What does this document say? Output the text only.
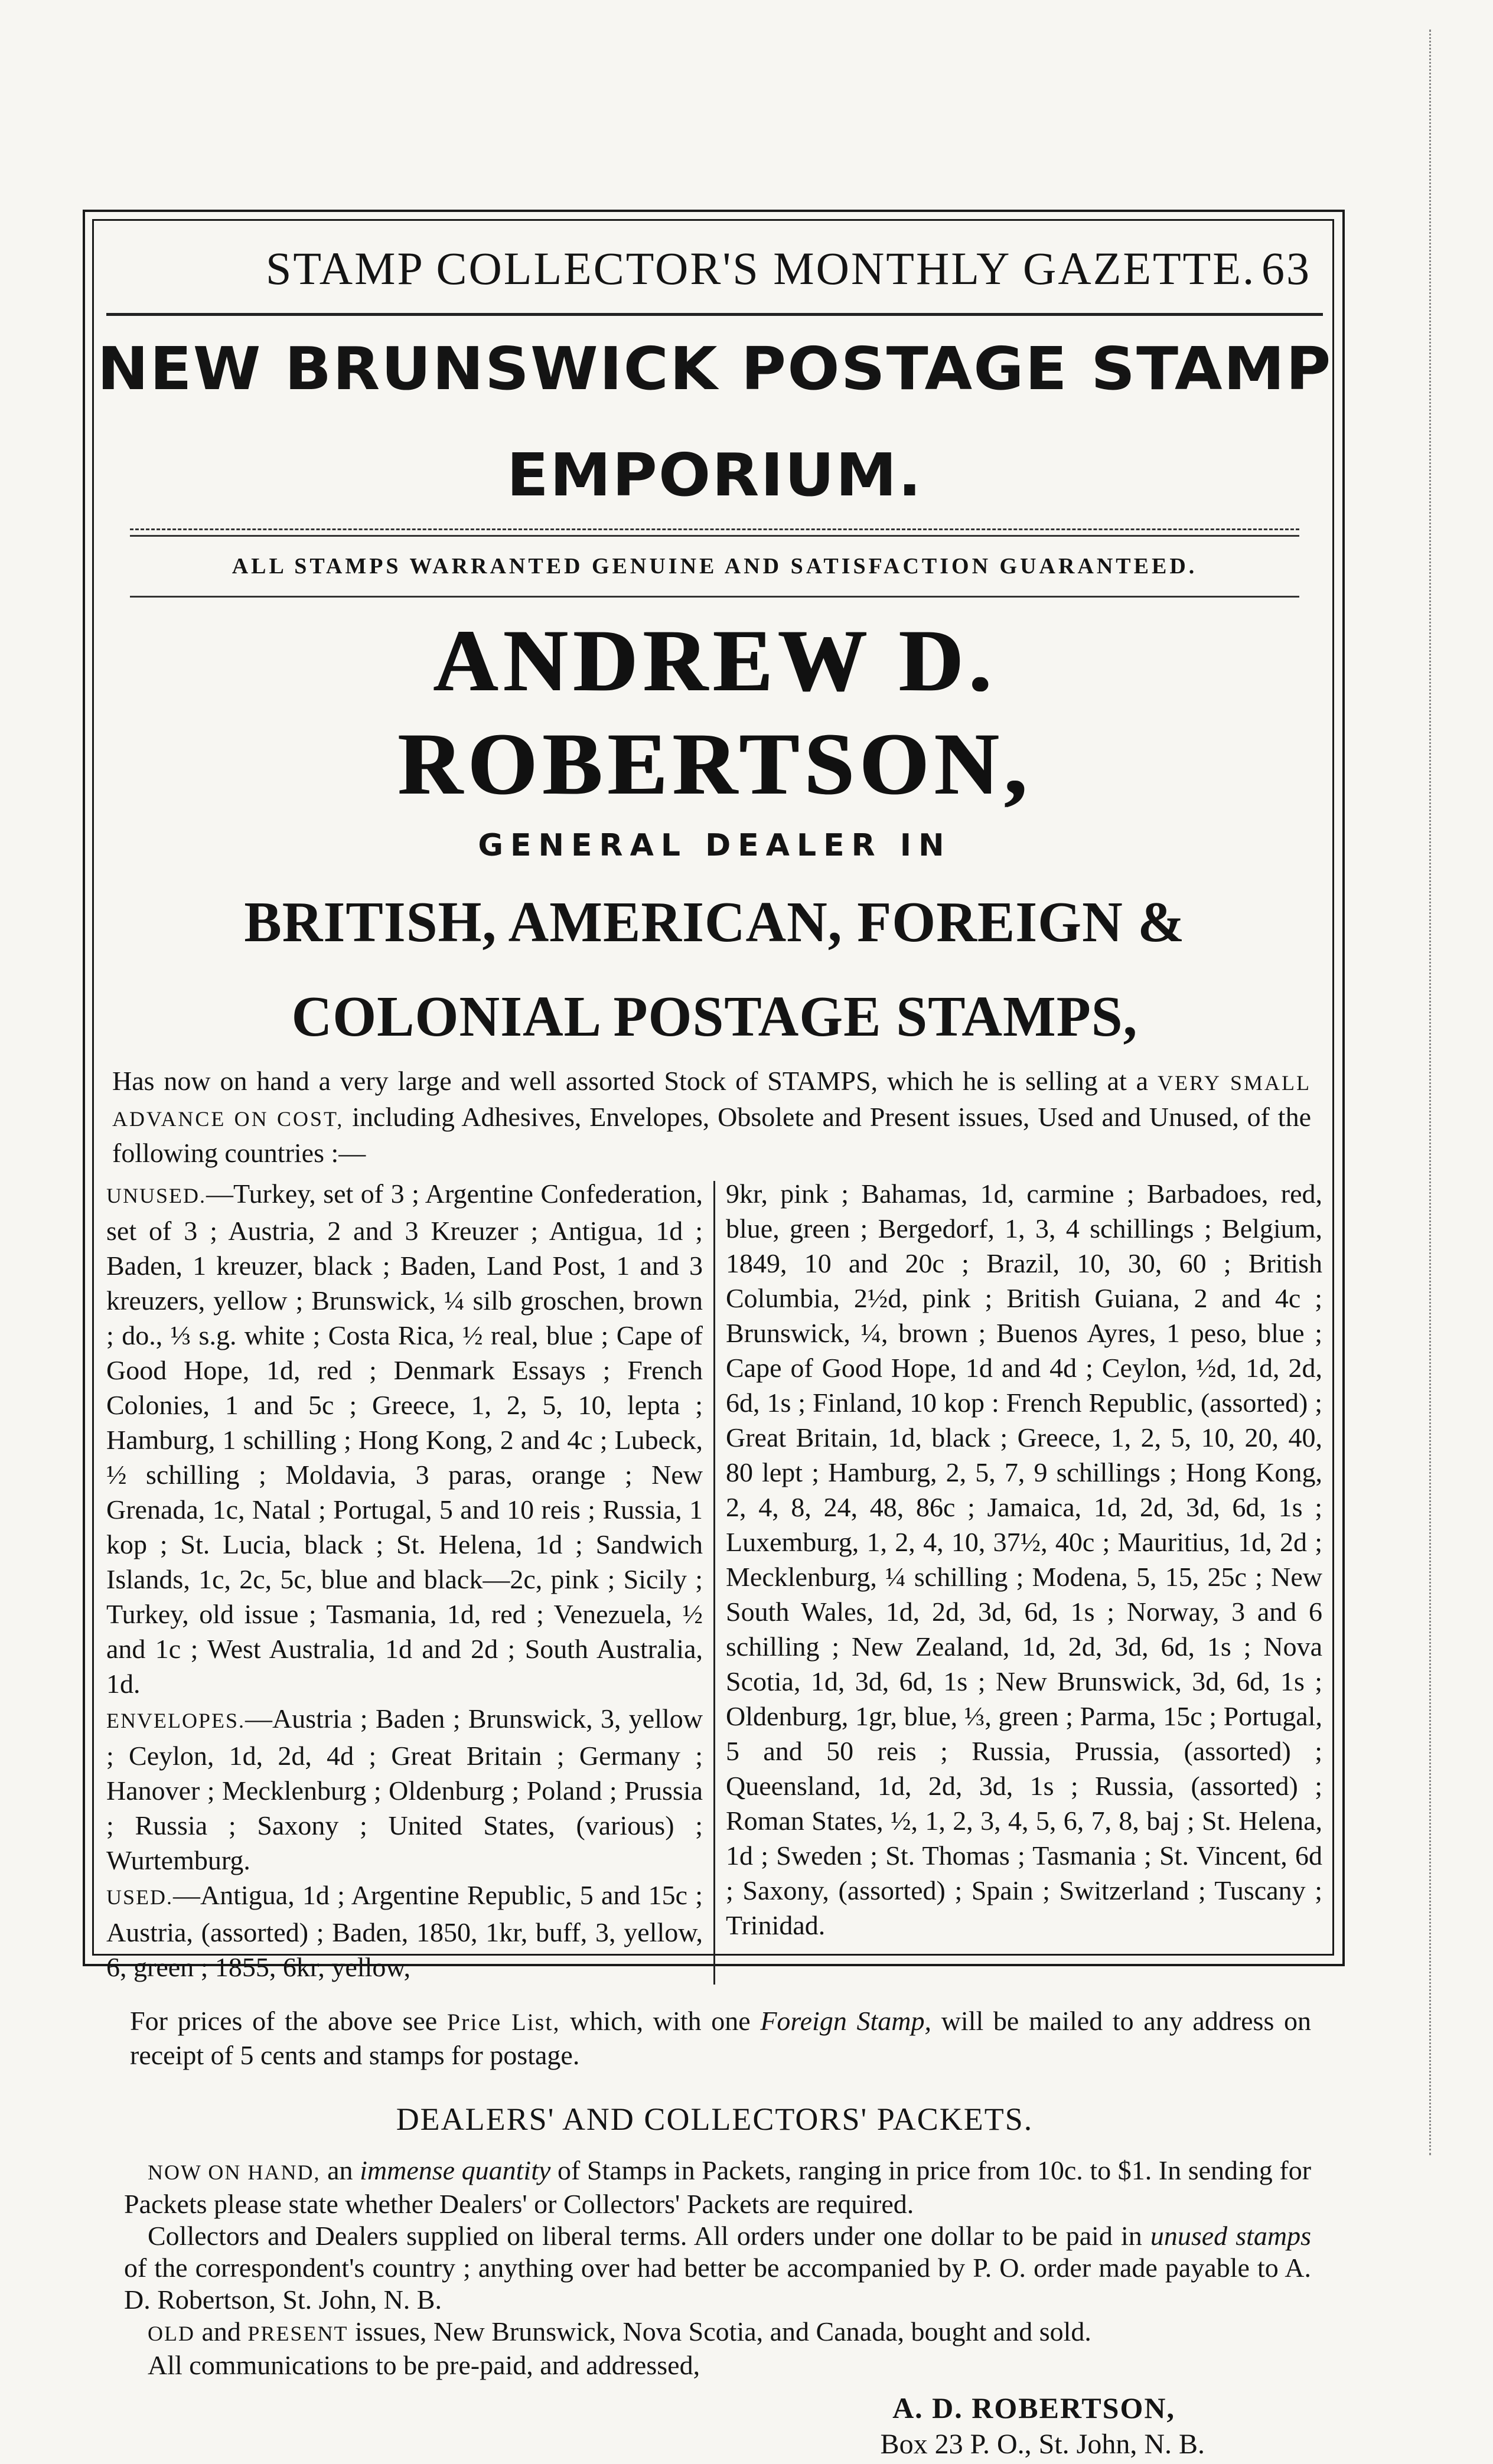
STAMP COLLECTOR'S MONTHLY GAZETTE. 63
NEW BRUNSWICK POSTAGE STAMP EMPORIUM.
ALL STAMPS WARRANTED GENUINE AND SATISFACTION GUARANTEED.
ANDREW D. ROBERTSON,
GENERAL DEALER IN
BRITISH, AMERICAN, FOREIGN & COLONIAL POSTAGE STAMPS,
Has now on hand a very large and well assorted Stock of STAMPS, which he is selling at a VERY SMALL ADVANCE ON COST, including Adhesives, Envelopes, Obsolete and Present issues, Used and Unused, of the following countries :—

UNUSED.—Turkey, set of 3 ; Argentine Confederation, set of 3 ; Austria, 2 and 3 Kreuzer ; Antigua, 1d ; Baden, 1 kreuzer, black ; Baden, Land Post, 1 and 3 kreuzers, yellow ; Brunswick, ¼ silb groschen, brown ; do., ⅓ s.g. white ; Costa Rica, ½ real, blue ; Cape of Good Hope, 1d, red ; Denmark Essays ; French Colonies, 1 and 5c ; Greece, 1, 2, 5, 10, lepta ; Hamburg, 1 schilling ; Hong Kong, 2 and 4c ; Lubeck, ½ schilling ; Moldavia, 3 paras, orange ; New Grenada, 1c, Natal ; Portugal, 5 and 10 reis ; Russia, 1 kop ; St. Lucia, black ; St. Helena, 1d ; Sandwich Islands, 1c, 2c, 5c, blue and black—2c, pink ; Sicily ; Turkey, old issue ; Tasmania, 1d, red ; Venezuela, ½ and 1c ; West Australia, 1d and 2d ; South Australia, 1d.

ENVELOPES.—Austria ; Baden ; Brunswick, 3, yellow ; Ceylon, 1d, 2d, 4d ; Great Britain ; Germany ; Hanover ; Mecklenburg ; Oldenburg ; Poland ; Prussia ; Russia ; Saxony ; United States, (various) ; Wurtemburg.

USED.—Antigua, 1d ; Argentine Republic, 5 and 15c ; Austria, (assorted) ; Baden, 1850, 1kr, buff, 3, yellow, 6, green ; 1855, 6kr, yellow,

9kr, pink ; Bahamas, 1d, carmine ; Barbadoes, red, blue, green ; Bergedorf, 1, 3, 4 schillings ; Belgium, 1849, 10 and 20c ; Brazil, 10, 30, 60 ; British Columbia, 2½d, pink ; British Guiana, 2 and 4c ; Brunswick, ¼, brown ; Buenos Ayres, 1 peso, blue ; Cape of Good Hope, 1d and 4d ; Ceylon, ½d, 1d, 2d, 6d, 1s ; Finland, 10 kop : French Republic, (assorted) ; Great Britain, 1d, black ; Greece, 1, 2, 5, 10, 20, 40, 80 lept ; Hamburg, 2, 5, 7, 9 schillings ; Hong Kong, 2, 4, 8, 24, 48, 86c ; Jamaica, 1d, 2d, 3d, 6d, 1s ; Luxemburg, 1, 2, 4, 10, 37½, 40c ; Mauritius, 1d, 2d ; Mecklenburg, ¼ schilling ; Modena, 5, 15, 25c ; New South Wales, 1d, 2d, 3d, 6d, 1s ; Norway, 3 and 6 schilling ; New Zealand, 1d, 2d, 3d, 6d, 1s ; Nova Scotia, 1d, 3d, 6d, 1s ; New Brunswick, 3d, 6d, 1s ; Oldenburg, 1gr, blue, ⅓, green ; Parma, 15c ; Portugal, 5 and 50 reis ; Russia, Prussia, (assorted) ; Queensland, 1d, 2d, 3d, 1s ; Russia, (assorted) ; Roman States, ½, 1, 2, 3, 4, 5, 6, 7, 8, baj ; St. Helena, 1d ; Sweden ; St. Thomas ; Tasmania ; St. Vincent, 6d ; Saxony, (assorted) ; Spain ; Switzerland ; Tuscany ; Trinidad.

For prices of the above see Price List, which, with one Foreign Stamp, will be mailed to any address on receipt of 5 cents and stamps for postage.
DEALERS' AND COLLECTORS' PACKETS.

NOW ON HAND, an immense quantity of Stamps in Packets, ranging in price from 10c. to $1. In sending for Packets please state whether Dealers' or Collectors' Packets are required.

Collectors and Dealers supplied on liberal terms. All orders under one dollar to be paid in unused stamps of the correspondent's country ; anything over had better be accompanied by P. O. order made payable to A. D. Robertson, St. John, N. B.

OLD and PRESENT issues, New Brunswick, Nova Scotia, and Canada, bought and sold.

All communications to be pre-paid, and addressed,

A. D. ROBERTSON,
Box 23 P. O., St. John, N. B.
